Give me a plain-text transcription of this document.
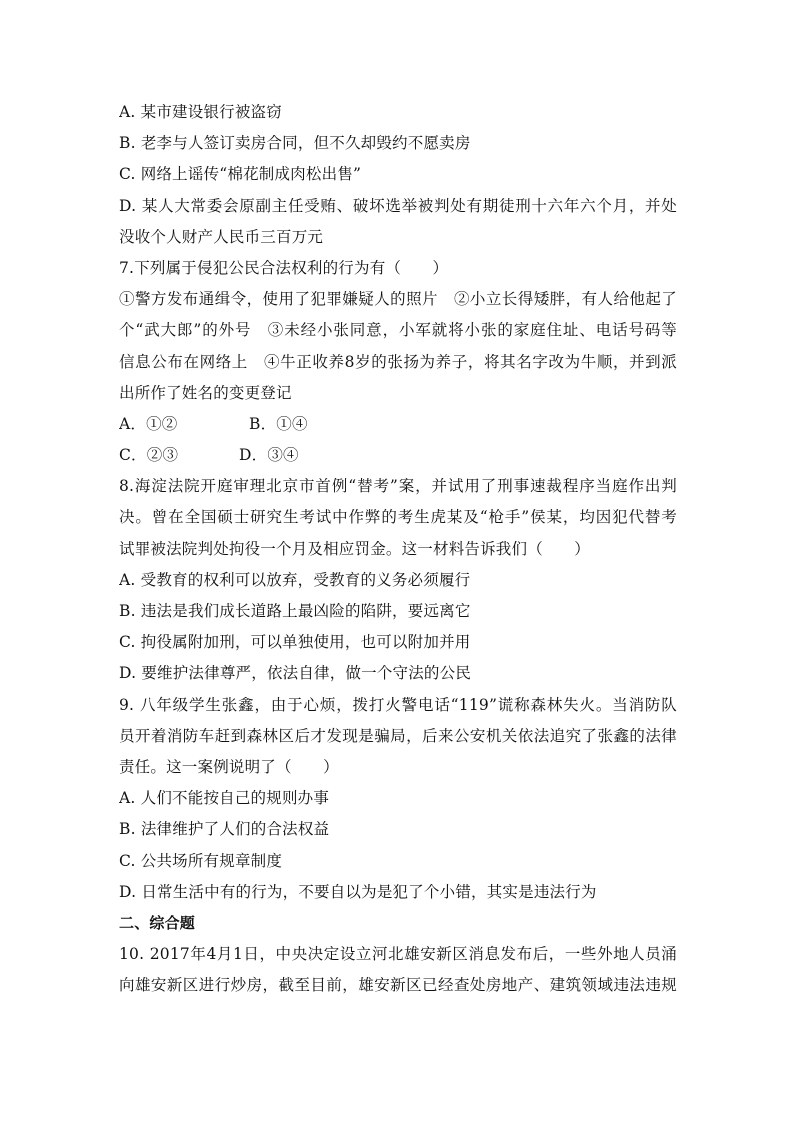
A. 某市建设银行被盗窃
B. 老李与人签订卖房合同，但不久却毁约不愿卖房
C. 网络上谣传“棉花制成肉松出售”
D. 某人大常委会原副主任受贿、破坏选举被判处有期徒刑十六年六个月，并处
没收个人财产人民币三百万元
7.下列属于侵犯公民合法权利的行为有（　　）
①警方发布通缉令，使用了犯罪嫌疑人的照片　②小立长得矮胖，有人给他起了
个“武大郎”的外号　③未经小张同意，小军就将小张的家庭住址、电话号码等
信息公布在网络上　④牛正收养8岁的张扬为养子，将其名字改为牛顺，并到派
出所作了姓名的变更登记
A．①②	B．①④
C．②③	D．③④
8.海淀法院开庭审理北京市首例“替考”案，并试用了刑事速裁程序当庭作出判
决。曾在全国硕士研究生考试中作弊的考生虎某及“枪手”侯某，均因犯代替考
试罪被法院判处拘役一个月及相应罚金。这一材料告诉我们（　　）
A. 受教育的权利可以放弃，受教育的义务必须履行
B. 违法是我们成长道路上最凶险的陷阱，要远离它
C. 拘役属附加刑，可以单独使用，也可以附加并用
D. 要维护法律尊严，依法自律，做一个守法的公民
9. 八年级学生张鑫，由于心烦，拨打火警电话“119”谎称森林失火。当消防队
员开着消防车赶到森林区后才发现是骗局，后来公安机关依法追究了张鑫的法律
责任。这一案例说明了（　　）
A. 人们不能按自己的规则办事
B. 法律维护了人们的合法权益
C. 公共场所有规章制度
D. 日常生活中有的行为，不要自以为是犯了个小错，其实是违法行为
二、综合题
10. 2017年4月1日，中央决定设立河北雄安新区消息发布后，一些外地人员涌
向雄安新区进行炒房，截至目前，雄安新区已经查处房地产、建筑领域违法违规
